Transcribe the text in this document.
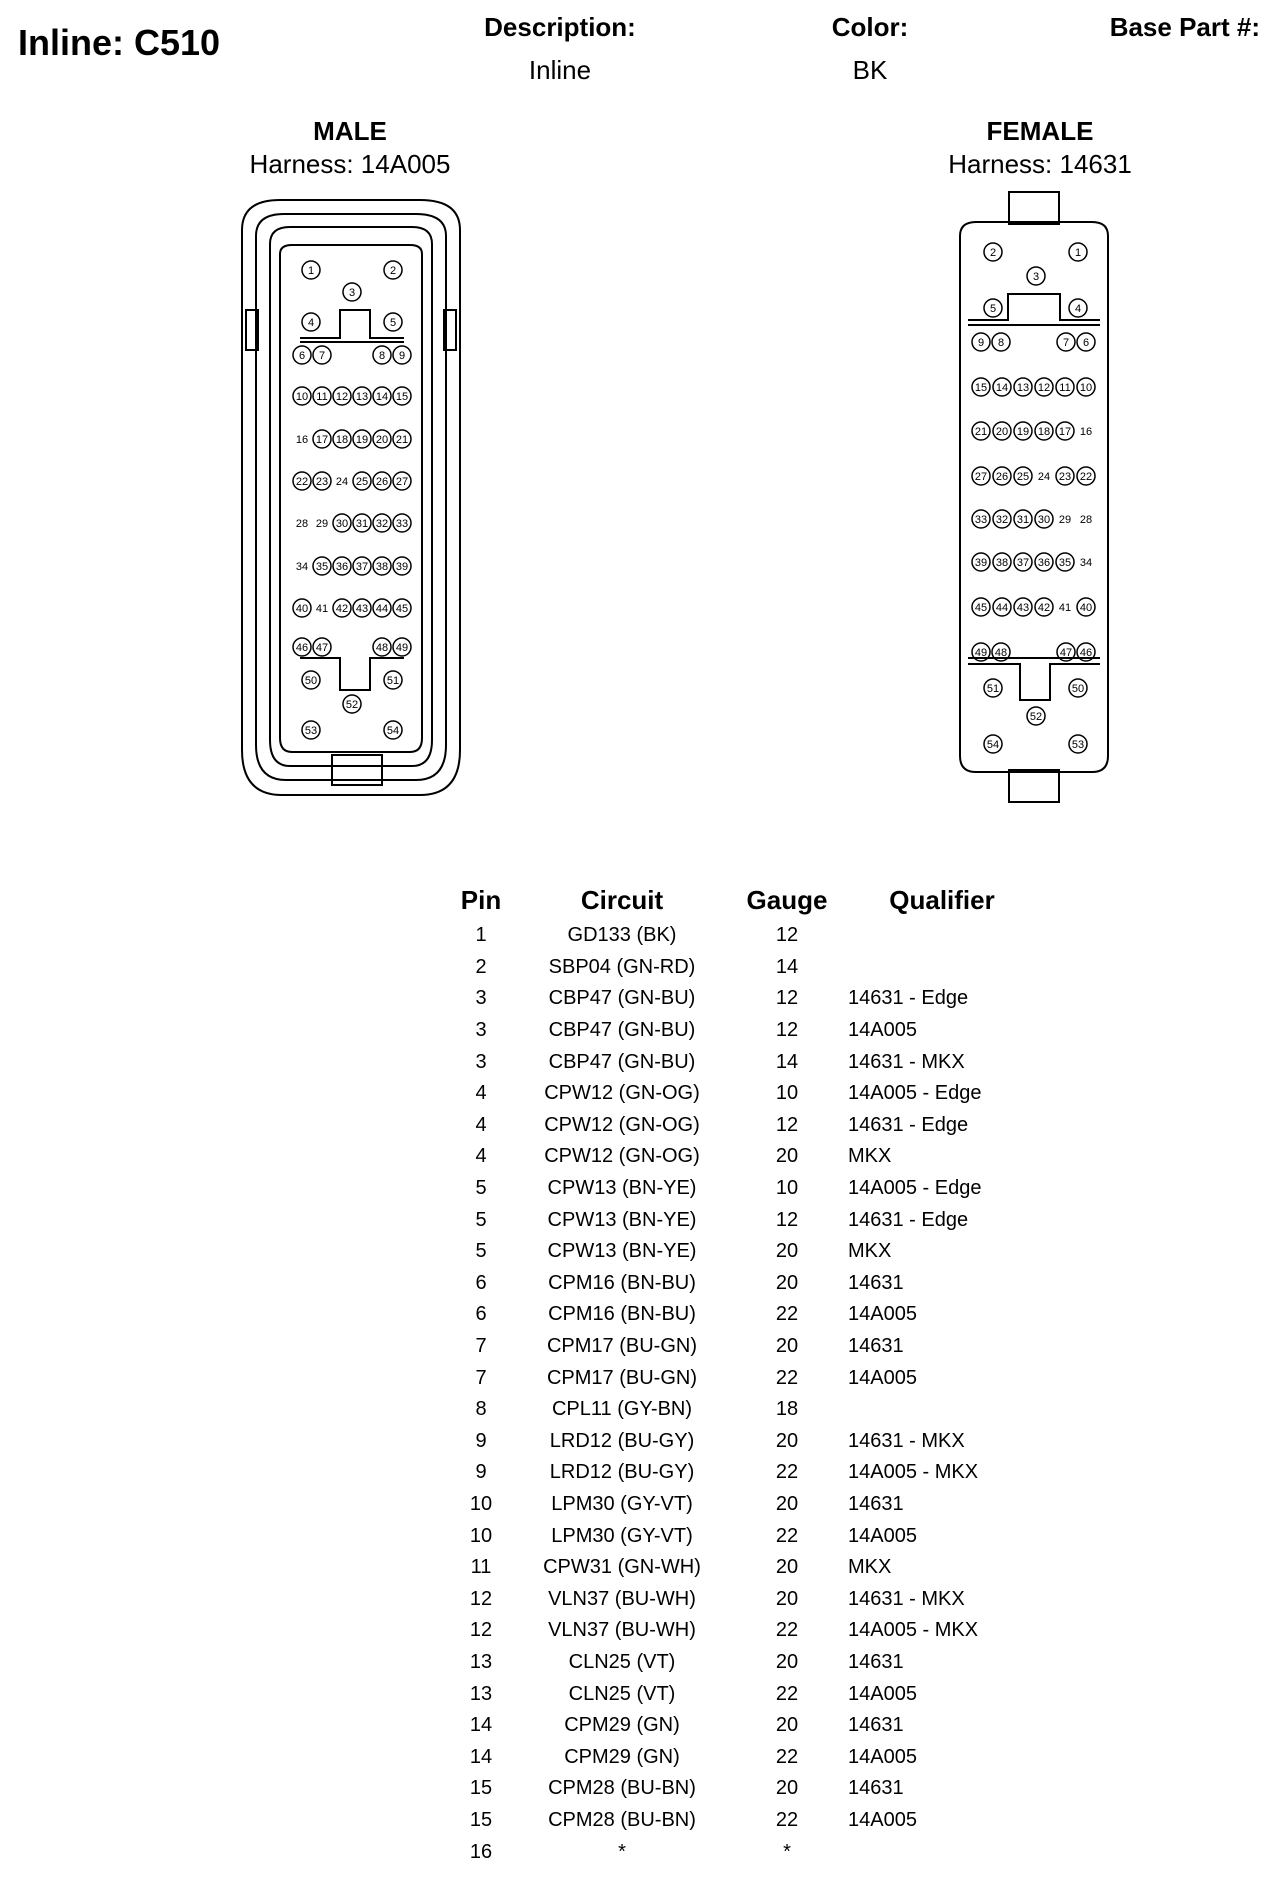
Inline: C510	Description:
Inline
Color:
BK
Base Part #:
MALE
Harness: 14A005
FEMALE
Harness: 14631
1	2
3
4	5
6 7	8 9
10 11 12 13 14 15
16 17 18 19 20 21
22 23 24 25 26 27
28 29 30 31 32 33
34 35 36 37 38 39
40 41 42 43 44 45
46 47	48 49
50	51
52
53	54
2	1
3
5	4
9 8	7 6
15 14 13 12 11 10
21 20 19 18 17 16
27 26 25 24 23 22
33 32 31 30 29 28
39 38 37 36 35 34
45 44 43 42 41 40
49 48	47 46
51	50
52
54	53
Pin	Circuit	Gauge	Qualifier
1	GD133 (BK)	12
2	SBP04 (GN-RD)	14
3	CBP47 (GN-BU)	12	14631 - Edge
3	CBP47 (GN-BU)	12	14A005
3	CBP47 (GN-BU)	14	14631 - MKX
4	CPW12 (GN-OG)	10	14A005 - Edge
4	CPW12 (GN-OG)	12	14631 - Edge
4	CPW12 (GN-OG)	20	MKX
5	CPW13 (BN-YE)	10	14A005 - Edge
5	CPW13 (BN-YE)	12	14631 - Edge
5	CPW13 (BN-YE)	20	MKX
6	CPM16 (BN-BU)	20	14631
6	CPM16 (BN-BU)	22	14A005
7	CPM17 (BU-GN)	20	14631
7	CPM17 (BU-GN)	22	14A005
8	CPL11 (GY-BN)	18
9	LRD12 (BU-GY)	20	14631 - MKX
9	LRD12 (BU-GY)	22	14A005 - MKX
10	LPM30 (GY-VT)	20	14631
10	LPM30 (GY-VT)	22	14A005
11	CPW31 (GN-WH)	20	MKX
12	VLN37 (BU-WH)	20	14631 - MKX
12	VLN37 (BU-WH)	22	14A005 - MKX
13	CLN25 (VT)	20	14631
13	CLN25 (VT)	22	14A005
14	CPM29 (GN)	20	14631
14	CPM29 (GN)	22	14A005
15	CPM28 (BU-BN)	20	14631
15	CPM28 (BU-BN)	22	14A005
16	*	*
